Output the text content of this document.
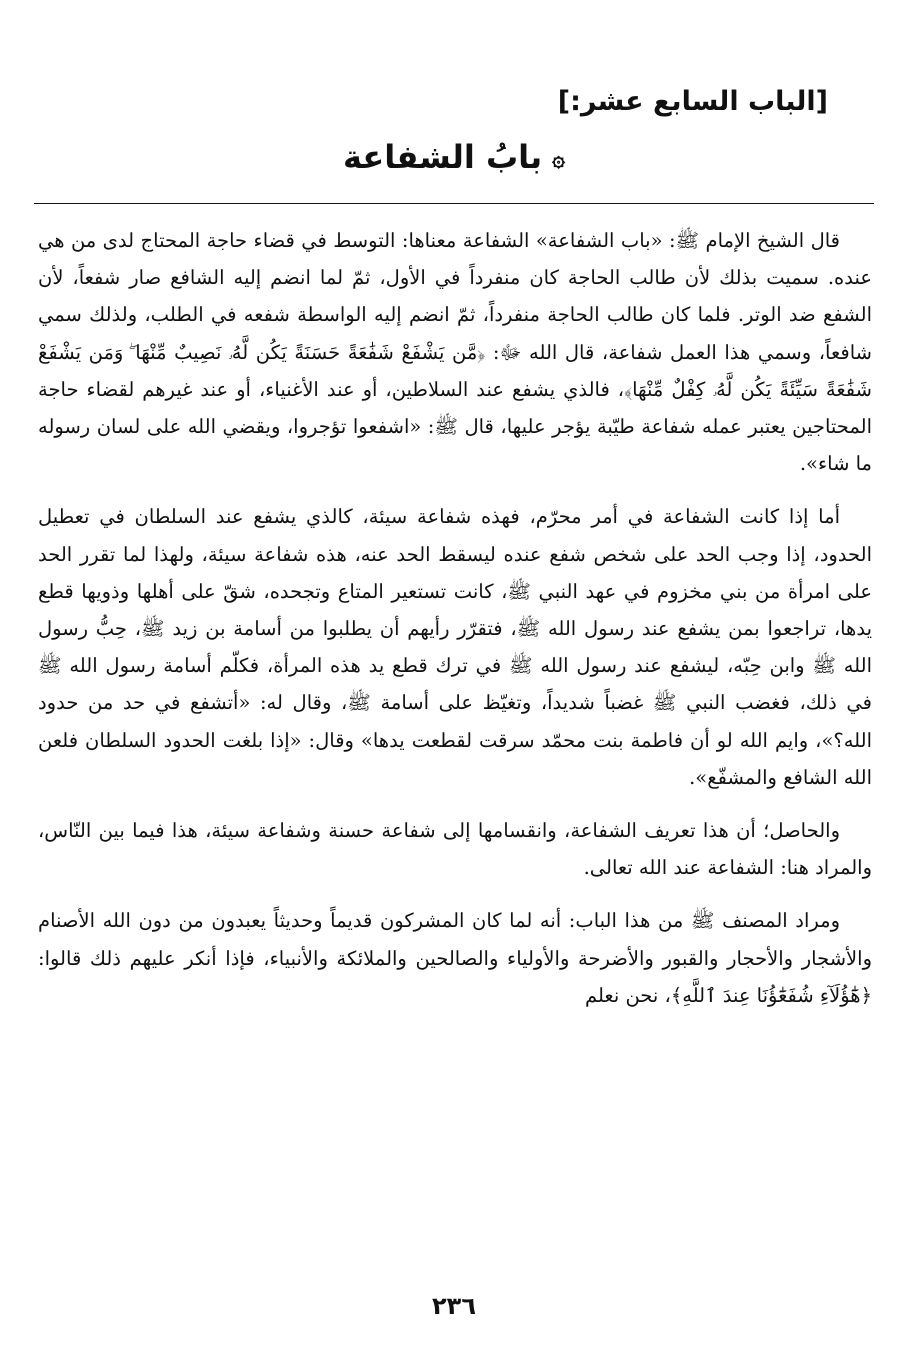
[الباب السابع عشر:]
۞بابُ الشفاعة

قال الشيخ الإمام ﷺ: «باب الشفاعة» الشفاعة معناها: التوسط في قضاء حاجة المحتاج لدى من هي عنده. سميت بذلك لأن طالب الحاجة كان منفرداً في الأول، ثمّ لما انضم إليه الشافع صار شفعاً، لأن الشفع ضد الوتر. فلما كان طالب الحاجة منفرداً، ثمّ انضم إليه الواسطة شفعه في الطلب، ولذلك سمي شافعاً، وسمي هذا العمل شفاعة، قال الله ﷻ: ﴿مَّن يَشْفَعْ شَفَٰعَةً حَسَنَةً يَكُن لَّهُۥ نَصِيبٌ مِّنْهَا ۖ وَمَن يَشْفَعْ شَفَٰعَةً سَيِّئَةً يَكُن لَّهُۥ كِفْلٌ مِّنْهَا﴾، فالذي يشفع عند السلاطين، أو عند الأغنياء، أو عند غيرهم لقضاء حاجة المحتاجين يعتبر عمله شفاعة طيّبة يؤجر عليها، قال ﷺ: «اشفعوا تؤجروا، ويقضي الله على لسان رسوله ما شاء».

أما إذا كانت الشفاعة في أمر محرّم، فهذه شفاعة سيئة، كالذي يشفع عند السلطان في تعطيل الحدود، إذا وجب الحد على شخص شفع عنده ليسقط الحد عنه، هذه شفاعة سيئة، ولهذا لما تقرر الحد على امرأة من بني مخزوم في عهد النبي ﷺ، كانت تستعير المتاع وتجحده، شقّ على أهلها وذويها قطع يدها، تراجعوا بمن يشفع عند رسول الله ﷺ، فتقرّر رأيهم أن يطلبوا من أسامة بن زيد ﷺ، حِبُّ رسول الله ﷺ وابن حِبّه، ليشفع عند رسول الله ﷺ في ترك قطع يد هذه المرأة، فكلّم أسامة رسول الله ﷺ في ذلك، فغضب النبي ﷺ غضباً شديداً، وتغيّظ على أسامة ﷺ، وقال له: «أتشفع في حد من حدود الله؟»، وايم الله لو أن فاطمة بنت محمّد سرقت لقطعت يدها» وقال: «إذا بلغت الحدود السلطان فلعن الله الشافع والمشفّع».

والحاصل؛ أن هذا تعريف الشفاعة، وانقسامها إلى شفاعة حسنة وشفاعة سيئة، هذا فيما بين النّاس، والمراد هنا: الشفاعة عند الله تعالى.

ومراد المصنف ﷺ من هذا الباب: أنه لما كان المشركون قديماً وحديثاً يعبدون من دون الله الأصنام والأشجار والأحجار والقبور والأضرحة والأولياء والصالحين والملائكة والأنبياء، فإذا أنكر عليهم ذلك قالوا: ﴿هَٰٓؤُلَآءِ شُفَعَٰٓؤُنَا عِندَ ٱللَّهِ﴾، نحن نعلم

٢٣٦
